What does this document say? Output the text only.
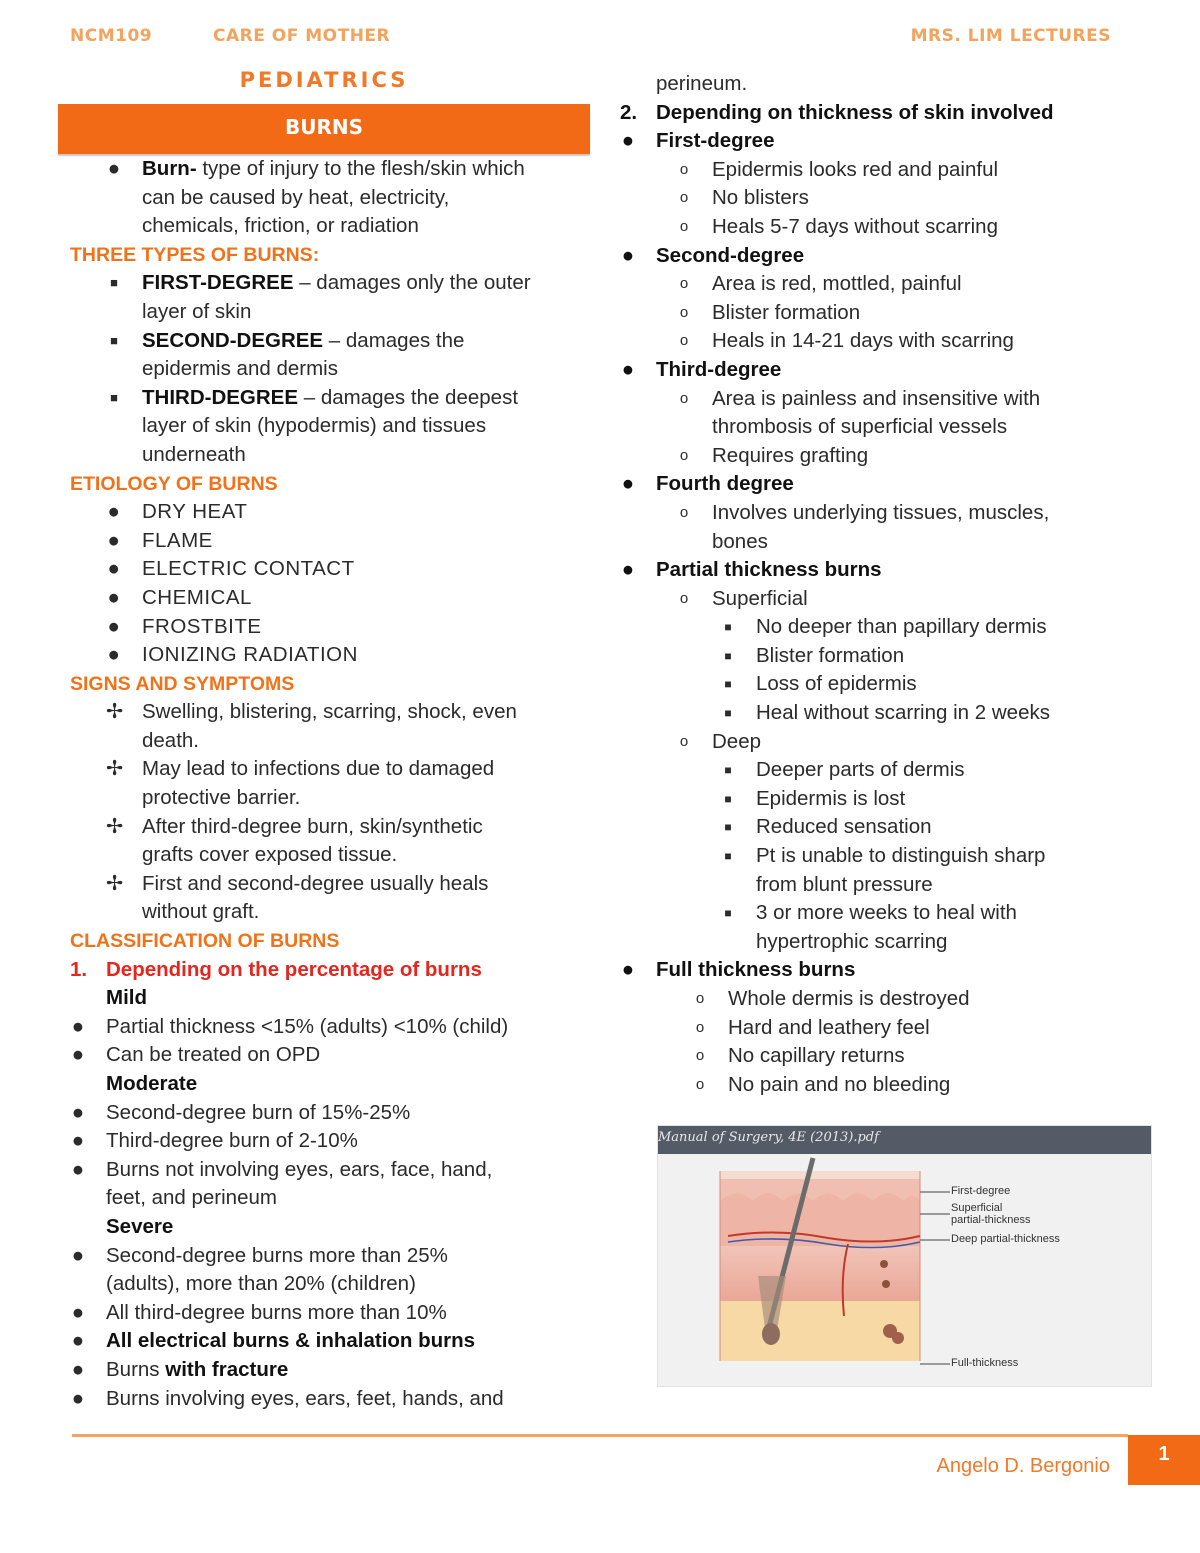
NCM109	CARE OF MOTHER	MRS. LIM LECTURES
PEDIATRICS
BURNS
● Burn- type of injury to the flesh/skin which
can be caused by heat, electricity,
chemicals, friction, or radiation
THREE TYPES OF BURNS:
■ FIRST-DEGREE – damages only the outer
layer of skin
■ SECOND-DEGREE – damages the
epidermis and dermis
■ THIRD-DEGREE – damages the deepest
layer of skin (hypodermis) and tissues
underneath
ETIOLOGY OF BURNS
● DRY HEAT
● FLAME
● ELECTRIC CONTACT
● CHEMICAL
● FROSTBITE
● IONIZING RADIATION
SIGNS AND SYMPTOMS
✢ Swelling, blistering, scarring, shock, even
death.
✢ May lead to infections due to damaged
protective barrier.
✢ After third-degree burn, skin/synthetic
grafts cover exposed tissue.
✢ First and second-degree usually heals
without graft.
CLASSIFICATION OF BURNS
1. Depending on the percentage of burns
Mild
● Partial thickness <15% (adults) <10% (child)
● Can be treated on OPD
Moderate
● Second-degree burn of 15%-25%
● Third-degree burn of 2-10%
● Burns not involving eyes, ears, face, hand,
feet, and perineum
Severe
● Second-degree burns more than 25%
(adults), more than 20% (children)
● All third-degree burns more than 10%
● All electrical burns & inhalation burns
● Burns with fracture
● Burns involving eyes, ears, feet, hands, and
perineum.
2. Depending on thickness of skin involved
● First-degree
o Epidermis looks red and painful
o No blisters
o Heals 5-7 days without scarring
● Second-degree
o Area is red, mottled, painful
o Blister formation
o Heals in 14-21 days with scarring
● Third-degree
o Area is painless and insensitive with
thrombosis of superficial vessels
o Requires grafting
● Fourth degree
o Involves underlying tissues, muscles,
bones
● Partial thickness burns
o Superficial
■ No deeper than papillary dermis
■ Blister formation
■ Loss of epidermis
■ Heal without scarring in 2 weeks
o Deep
■ Deeper parts of dermis
■ Epidermis is lost
■ Reduced sensation
■ Pt is unable to distinguish sharp
from blunt pressure
■ 3 or more weeks to heal with
hypertrophic scarring
● Full thickness burns
o Whole dermis is destroyed
o Hard and leathery feel
o No capillary returns
o No pain and no bleeding
Manual of Surgery, 4E (2013).pdf
First-degree
Superficial
partial-thickness
Deep partial-thickness
Full-thickness
1
Angelo D. Bergonio
